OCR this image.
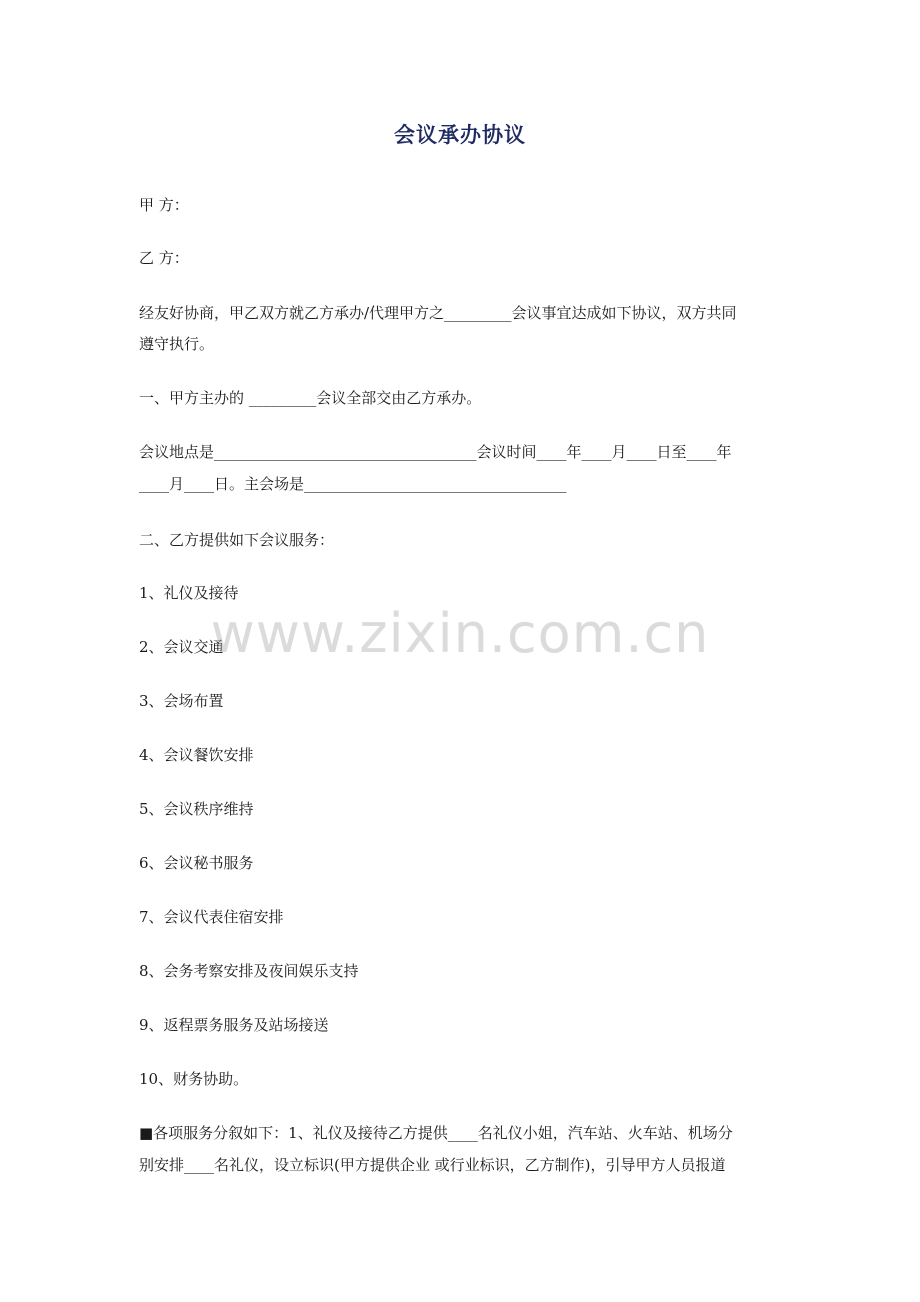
会议承办协议

甲 方：

乙 方：

经友好协商，甲乙双方就乙方承办/代理甲方之_________会议事宜达成如下协议，双方共同

遵守执行。

一、甲方主办的 _________会议全部交由乙方承办。

会议地点是___________________________________会议时间____年____月____日至____年

____月____日。主会场是___________________________________

二、乙方提供如下会议服务：

1、礼仪及接待

2、会议交通

3、会场布置

4、会议餐饮安排

5、会议秩序维持

6、会议秘书服务

7、会议代表住宿安排

8、会务考察安排及夜间娱乐支持

9、返程票务服务及站场接送

10、财务协助。

■各项服务分叙如下：1、礼仪及接待乙方提供____名礼仪小姐，汽车站、火车站、机场分

别安排____名礼仪，设立标识(甲方提供企业 或行业标识，乙方制作)，引导甲方人员报道

www.zixin.com.cn
